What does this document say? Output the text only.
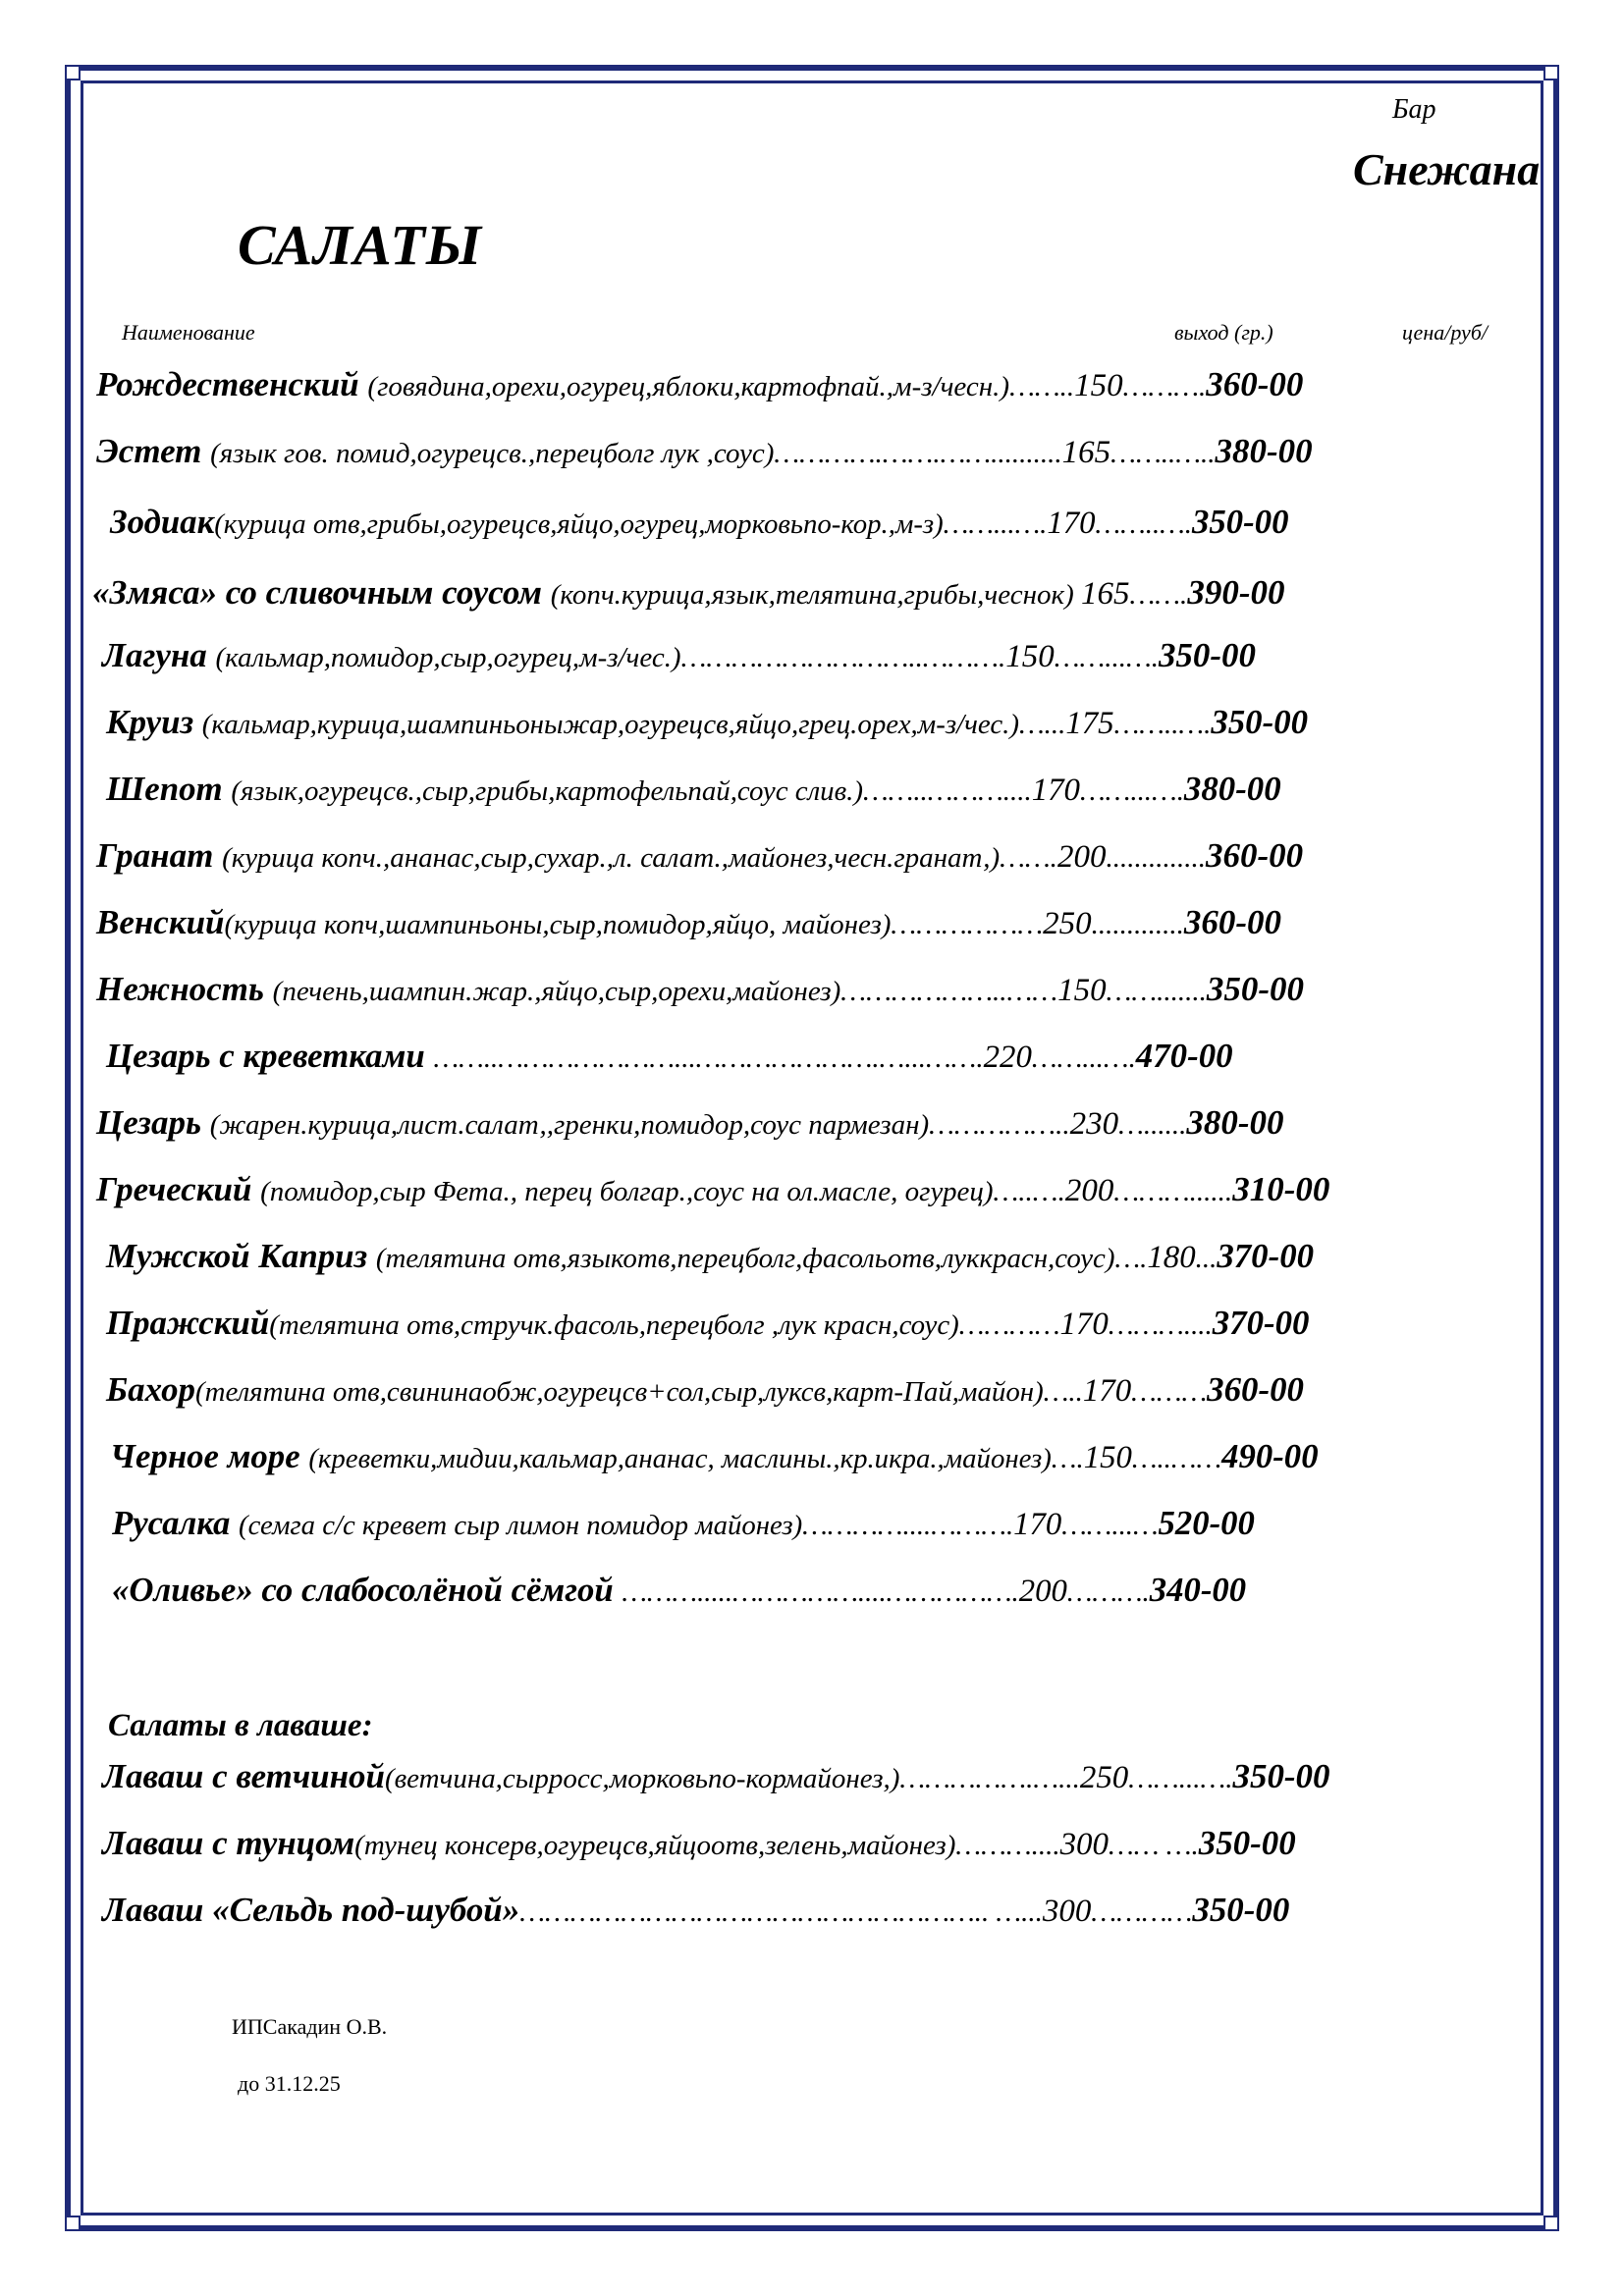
Бар
Снежана
САЛАТЫ
Наименование	выход (гр.)	цена/руб/
Рождественский (говядина,орехи,огурец,яблоки,картофпай.,м-з/чесн.)……..150……….360-00
Эстет (язык гов. помид,огурецсв.,перецболг лук ,соус)………….…….……..........165……..…..380-00
Зодиак(курица отв,грибы,огурецсв,яйцо,огурец,морковьпо-кор.,м-з)……...….170……..….350-00
«Змяса» со сливочным соусом (копч.курица,язык,телятина,грибы,чеснок) 165…….390-00
Лагуна (кальмар,помидор,сыр,огурец,м-з/чес.)………………………..……….150……...….350-00
Круиз (кальмар,курица,шампиньоныжар,огурецсв,яйцо,грец.орех,м-з/чес.)…...175……..….350-00
Шепот (язык,огурецсв.,сыр,грибы,картофельпай,соус слив.)……..………....170……...….380-00
Гранат (курица копч.,ананас,сыр,сухар.,л. салат.,майонез,чесн.гранат,)…….200..............360-00
Венский(курица копч,шампиньоны,сыр,помидор,яйцо, майонез)………………250.............360-00
Нежность (печень,шампин.жар.,яйцо,сыр,орехи,майонез)………………..……150…….......350-00
Цезарь с креветками ……..…………………...………………….…...…….220……...….470-00
Цезарь (жарен.курица,лист.салат,,гренки,помидор,соус пармезан)……………..230…......380-00
Греческий (помидор,сыр Фета., перец болгар.,соус на ол.масле, огурец)…..….200………......310-00
Мужской Каприз (телятина отв,языкотв,перецболг,фасольотв,луккрасн,соус)….180...370-00
Пражский(телятина отв,стручк.фасоль,перецболг ,лук красн,соус)…………170………....370-00
Бахор(телятина отв,свининаобж,огурецсв+сол,сыр,луксв,карт-Пай,майон)…..170………360-00
Черное море (креветки,мидии,кальмар,ананас, маслины.,кр.икра.,майонез)….150…..……490-00
Русалка (семга с/с кревет сыр лимон помидор майонез)…………....……….170……...…520-00
«Оливье» со слабосолёной сёмгой ……….....……………....…………….200……….340-00
Салаты в лаваше:
Лаваш с ветчиной(ветчина,сырросс,морковьпо-кормайонез,)…………….…...250……...….350-00
Лаваш с тунцом(тунец консерв,огурецсв,яйцоотв,зелень,майонез)………....300…… ….350-00
Лаваш «Сельдь под-шубой»……………………………………………….. …...300…………350-00
ИПСакадин О.В.
до 31.12.25
